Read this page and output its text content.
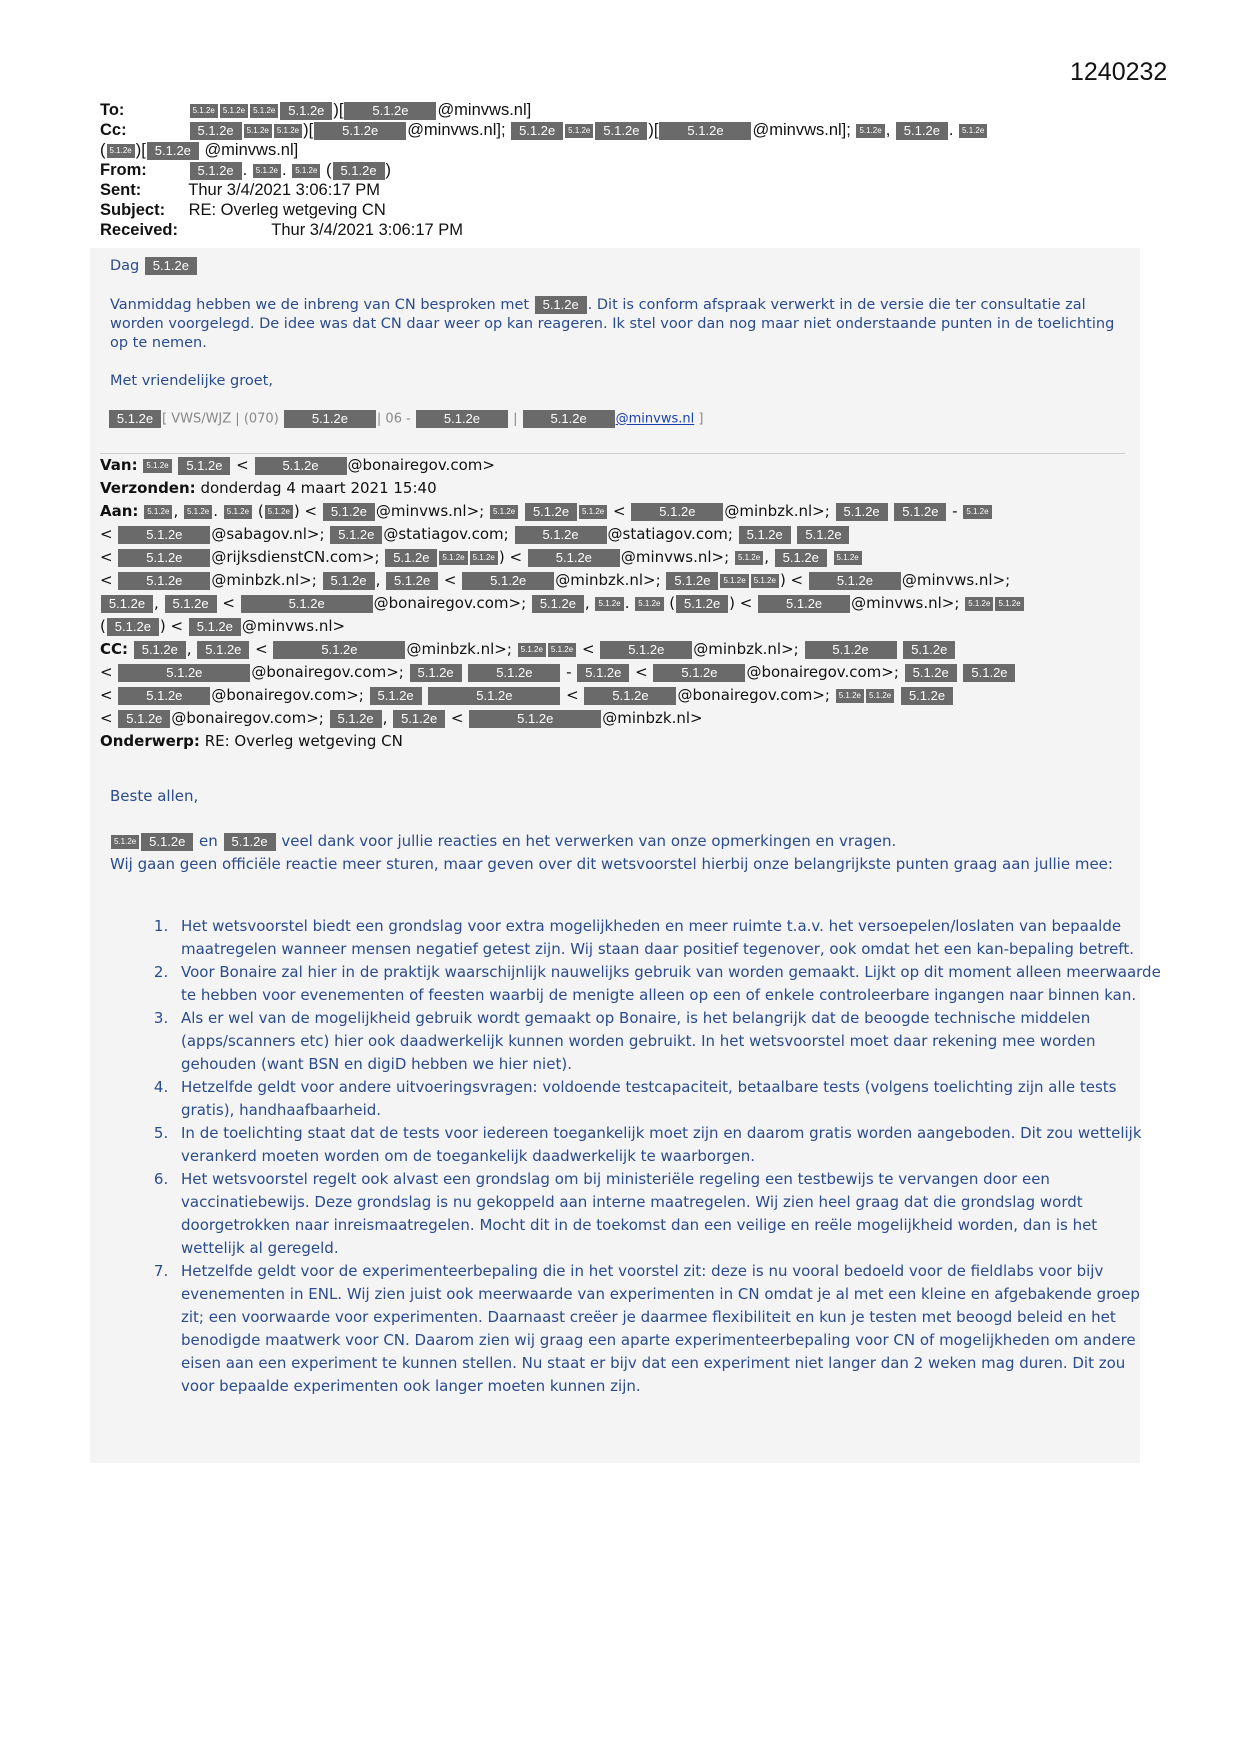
1240232
To:	5.1.2e 5.1.2e 5.1.2e 5.1.2e )[ 5.1.2e @minvws.nl]
Cc:	5.1.2e 5.1.2e 5.1.2e )[ 5.1.2e @minvws.nl]; 5.1.2e 5.1.2e 5.1.2e )[ 5.1.2e @minvws.nl]; 5.1.2e , 5.1.2e . 5.1.2e
( 5.1.2e )[ 5.1.2e @minvws.nl]
From:	5.1.2e . 5.1.2e . 5.1.2e ( 5.1.2e )
Sent:	Thur 3/4/2021 3:06:17 PM
Subject: RE: Overleg wetgeving CN
Received:	Thur 3/4/2021 3:06:17 PM
Dag 5.1.2e
Vanmiddag hebben we de inbreng van CN besproken met 5.1.2e . Dit is conform afspraak verwerkt in de versie die ter consultatie zal worden voorgelegd. De idee was dat CN daar weer op kan reageren. Ik stel voor dan nog maar niet onderstaande punten in de toelichting op te nemen.
Met vriendelijke groet,
5.1.2e [ VWS/WJZ | (070)	5.1.2e | 06 -	5.1.2e	|	5.1.2e @minvws.nl ]
Van: 5.1.2e 5.1.2e < 5.1.2e @bonairegov.com>
Verzonden: donderdag 4 maart 2021 15:40
Aan: 5.1.2e , 5.1.2e . 5.1.2e ( 5.1.2e ) < 5.1.2e @minvws.nl>; 5.1.2e 5.1.2e 5.1.2e < 5.1.2e @minbzk.nl>; 5.1.2e 5.1.2e - 5.1.2e
< 5.1.2e @sabagov.nl>; 5.1.2e @statiagov.com;	5.1.2e @statiagov.com; 5.1.2e 5.1.2e
< 5.1.2e @rijksdienstCN.com>; 5.1.2e 5.1.2e 5.1.2e ) < 5.1.2e @minvws.nl>; 5.1.2e , 5.1.2e 5.1.2e
< 5.1.2e @minbzk.nl>; 5.1.2e , 5.1.2e < 5.1.2e @minbzk.nl>; 5.1.2e 5.1.2e 5.1.2e ) < 5.1.2e @minvws.nl>;
5.1.2e , 5.1.2e <	5.1.2e	@bonairegov.com>; 5.1.2e , 5.1.2e . 5.1.2e ( 5.1.2e ) < 5.1.2e @minvws.nl>; 5.1.2e 5.1.2e
( 5.1.2e ) < 5.1.2e @minvws.nl>
CC: 5.1.2e , 5.1.2e <	5.1.2e	@minbzk.nl>; 5.1.2e 5.1.2e < 5.1.2e @minbzk.nl>;	5.1.2e	5.1.2e
<	5.1.2e	@bonairegov.com>; 5.1.2e	5.1.2e - 5.1.2e < 5.1.2e @bonairegov.com>; 5.1.2e 5.1.2e
< 5.1.2e @bonairegov.com>; 5.1.2e	5.1.2e	< 5.1.2e @bonairegov.com>; 5.1.2e 5.1.2e 5.1.2e
< 5.1.2e @bonairegov.com>; 5.1.2e , 5.1.2e <	5.1.2e	@minbzk.nl>
Onderwerp: RE: Overleg wetgeving CN
Beste allen,
5.1.2e 5.1.2e en 5.1.2e veel dank voor jullie reacties en het verwerken van onze opmerkingen en vragen.
Wij gaan geen officiële reactie meer sturen, maar geven over dit wetsvoorstel hierbij onze belangrijkste punten graag aan jullie mee:
1. Het wetsvoorstel biedt een grondslag voor extra mogelijkheden en meer ruimte t.a.v. het versoepelen/loslaten van bepaalde maatregelen wanneer mensen negatief getest zijn. Wij staan daar positief tegenover, ook omdat het een kan-bepaling betreft.
2. Voor Bonaire zal hier in de praktijk waarschijnlijk nauwelijks gebruik van worden gemaakt. Lijkt op dit moment alleen meerwaarde te hebben voor evenementen of feesten waarbij de menigte alleen op een of enkele controleerbare ingangen naar binnen kan.
3. Als er wel van de mogelijkheid gebruik wordt gemaakt op Bonaire, is het belangrijk dat de beoogde technische middelen (apps/scanners etc) hier ook daadwerkelijk kunnen worden gebruikt. In het wetsvoorstel moet daar rekening mee worden gehouden (want BSN en digiD hebben we hier niet).
4. Hetzelfde geldt voor andere uitvoeringsvragen: voldoende testcapaciteit, betaalbare tests (volgens toelichting zijn alle tests gratis), handhaafbaarheid.
5. In de toelichting staat dat de tests voor iedereen toegankelijk moet zijn en daarom gratis worden aangeboden. Dit zou wettelijk verankerd moeten worden om de toegankelijk daadwerkelijk te waarborgen.
6. Het wetsvoorstel regelt ook alvast een grondslag om bij ministeriële regeling een testbewijs te vervangen door een vaccinatiebewijs. Deze grondslag is nu gekoppeld aan interne maatregelen. Wij zien heel graag dat die grondslag wordt doorgetrokken naar inreismaatregelen. Mocht dit in de toekomst dan een veilige en reële mogelijkheid worden, dan is het wettelijk al geregeld.
7. Hetzelfde geldt voor de experimenteerbepaling die in het voorstel zit: deze is nu vooral bedoeld voor de fieldlabs voor bijv evenementen in ENL. Wij zien juist ook meerwaarde van experimenten in CN omdat je al met een kleine en afgebakende groep zit; een voorwaarde voor experimenten. Daarnaast creëer je daarmee flexibiliteit en kun je testen met beoogd beleid en het benodigde maatwerk voor CN. Daarom zien wij graag een aparte experimenteerbepaling voor CN of mogelijkheden om andere eisen aan een experiment te kunnen stellen. Nu staat er bijv dat een experiment niet langer dan 2 weken mag duren. Dit zou voor bepaalde experimenten ook langer moeten kunnen zijn.
